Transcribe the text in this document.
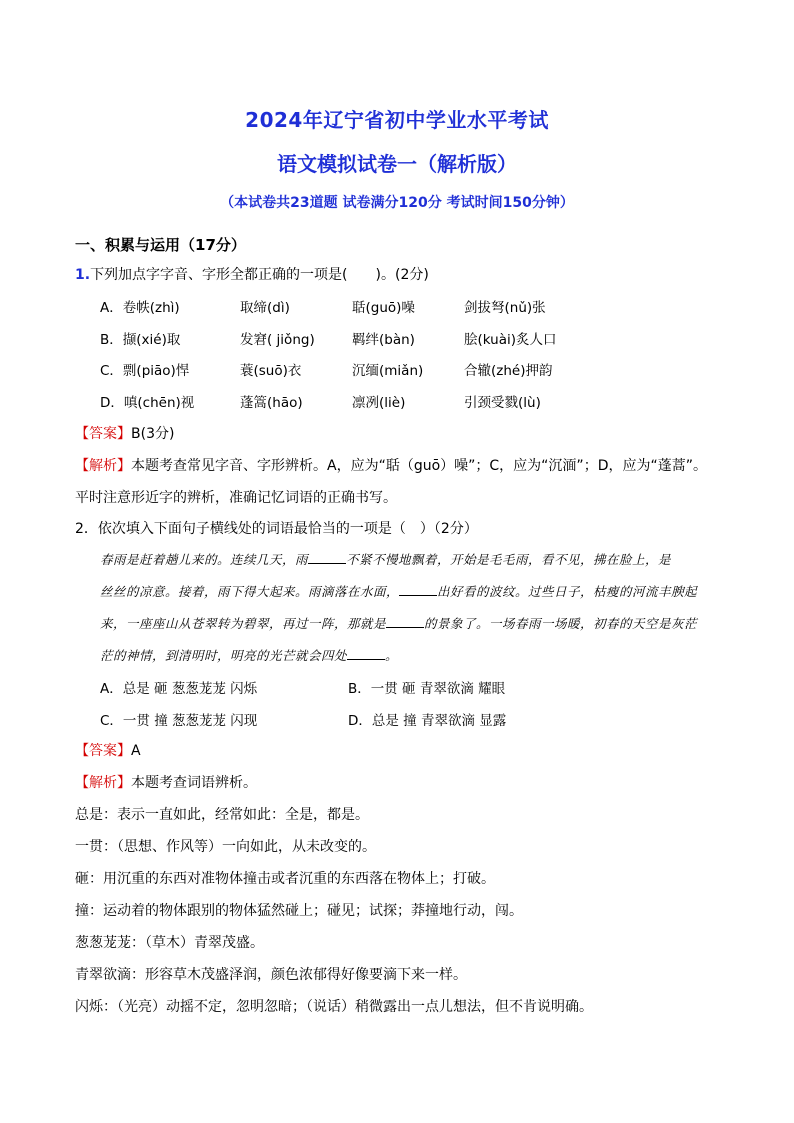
2024年辽宁省初中学业水平考试
语文模拟试卷一（解析版）
（本试卷共23道题 试卷满分120分 考试时间150分钟）
一、积累与运用（17分）
1.下列加点字字音、字形全都正确的一项是(　　)。(2分)
A．卷帙(zhì)	取缔(dì)	聒(guō)噪	剑拔弩(nǔ)张
B．撷(xié)取	发窘( jiǒng)	羁绊(bàn)	脍(kuài)炙人口
C．剽(piāo)悍	蓑(suō)衣	沉缅(miǎn)	合辙(zhé)押韵
D．嗔(chēn)视	蓬篙(hāo)	凛冽(liè)	引颈受戮(lù)
【答案】B(3分)
【解析】本题考查常见字音、字形辨析。A，应为“聒（guō）噪”；C，应为“沉湎”；D，应为“蓬蒿”。
平时注意形近字的辨析，准确记忆词语的正确书写。
2．依次填入下面句子横线处的词语最恰当的一项是（　）（2分）
春雨是赶着趟儿来的。连续几天，雨	不紧不慢地飘着，开始是毛毛雨，看不见，拂在脸上，是
丝丝的凉意。接着，雨下得大起来。雨滴落在水面，	出好看的波纹。过些日子，枯瘦的河流丰腴起
来，一座座山从苍翠转为碧翠，再过一阵，那就是	的景象了。一场春雨一场暖，初春的天空是灰茫
茫的神情，到清明时，明亮的光芒就会四处	。
A．总是 砸 葱葱茏茏 闪烁	B．一贯 砸 青翠欲滴 耀眼
C．一贯 撞 葱葱茏茏 闪现	D．总是 撞 青翠欲滴 显露
【答案】A
【解析】本题考查词语辨析。
总是：表示一直如此，经常如此：全是，都是。
一贯：（思想、作风等）一向如此，从未改变的。
砸：用沉重的东西对准物体撞击或者沉重的东西落在物体上；打破。
撞：运动着的物体跟别的物体猛然碰上；碰见；试探；莽撞地行动，闯。
葱葱茏茏：（草木）青翠茂盛。
青翠欲滴：形容草木茂盛泽润，颜色浓郁得好像要滴下来一样。
闪烁：（光亮）动摇不定，忽明忽暗；（说话）稍微露出一点儿想法，但不肯说明确。
